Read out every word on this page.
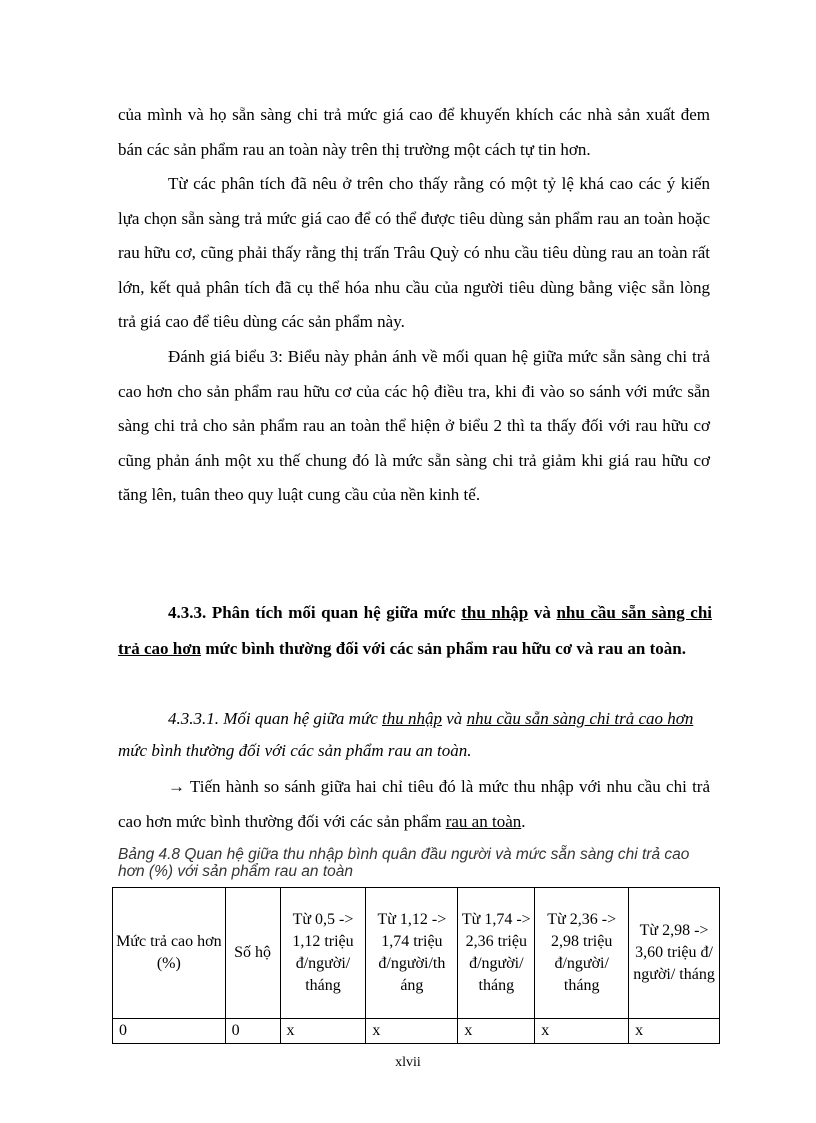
của mình và họ sẵn sàng chi trả mức giá cao để khuyến khích các nhà sản xuất đem bán các sản phẩm rau an toàn này trên thị trường một cách tự tin hơn.

Từ các phân tích đã nêu ở trên cho thấy rằng có một tỷ lệ khá cao các ý kiến lựa chọn sẵn sàng trả mức giá cao để có thể được tiêu dùng sản phẩm rau an toàn hoặc rau hữu cơ, cũng phải thấy rằng thị trấn Trâu Quỳ có nhu cầu tiêu dùng rau an toàn rất lớn, kết quả phân tích đã cụ thể hóa nhu cầu của người tiêu dùng bằng việc sẵn lòng trả giá cao để tiêu dùng các sản phẩm này.

Đánh giá biểu 3: Biểu này phản ánh về mối quan hệ giữa mức sẵn sàng chi trả cao hơn cho sản phẩm rau hữu cơ của các hộ điều tra, khi đi vào so sánh với mức sẵn sàng chi trả cho sản phẩm rau an toàn thể hiện ở biểu 2 thì ta thấy đối với rau hữu cơ cũng phản ánh một xu thế chung đó là mức sẵn sàng chi trả giảm khi giá rau hữu cơ tăng lên, tuân theo quy luật cung cầu của nền kinh tế.

4.3.3. Phân tích mối quan hệ giữa mức thu nhập và nhu cầu sẵn sàng chi trả cao hơn mức bình thường đối với các sản phẩm rau hữu cơ và rau an toàn.

4.3.3.1. Mối quan hệ giữa mức thu nhập và nhu cầu sẵn sàng chi trả cao hơn mức bình thường đối với các sản phẩm rau an toàn.

→ Tiến hành so sánh giữa hai chỉ tiêu đó là mức thu nhập với nhu cầu chi trả cao hơn mức bình thường đối với các sản phẩm rau an toàn.

Bảng 4.8 Quan hệ giữa thu nhập bình quân đầu người và mức sẵn sàng chi trả cao hơn (%) với sản phẩm rau an toàn

Mức trả cao hơn (%)	Số hộ	Từ 0,5 -> 1,12 triệu đ/người/ tháng	Từ 1,12 -> 1,74 triệu đ/người/th áng	Từ 1,74 -> 2,36 triệu đ/người/ tháng	Từ 2,36 -> 2,98 triệu đ/người/ tháng	Từ 2,98 -> 3,60 triệu đ/ người/ tháng
0	0	x	x	x	x	x
xlvii
